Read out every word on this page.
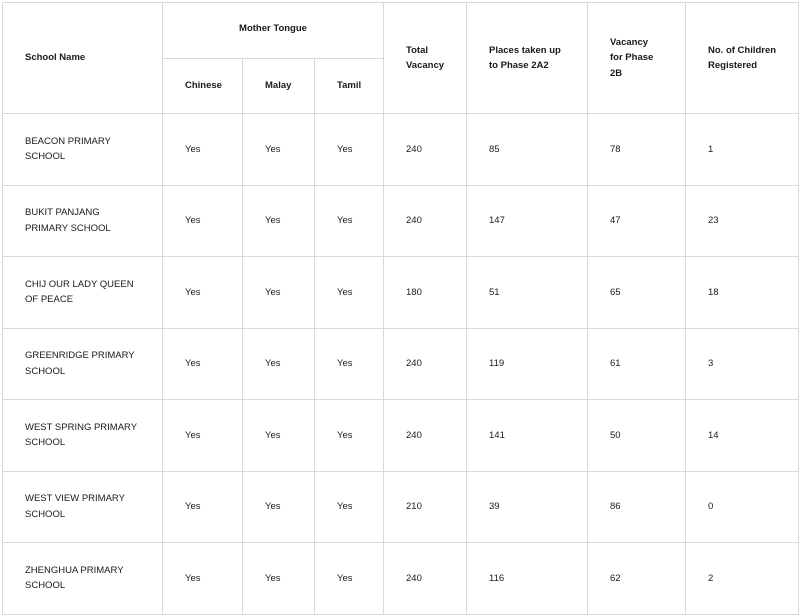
School Name	Mother Tongue			Total Vacancy	Places taken up to Phase 2A2	Vacancy for Phase 2B	No. of Children Registered
	Chinese	Malay	Tamil				
BEACON PRIMARY SCHOOL	Yes	Yes	Yes	240	85	78	1
BUKIT PANJANG PRIMARY SCHOOL	Yes	Yes	Yes	240	147	47	23
CHIJ OUR LADY QUEEN OF PEACE	Yes	Yes	Yes	180	51	65	18
GREENRIDGE PRIMARY SCHOOL	Yes	Yes	Yes	240	119	61	3
WEST SPRING PRIMARY SCHOOL	Yes	Yes	Yes	240	141	50	14
WEST VIEW PRIMARY SCHOOL	Yes	Yes	Yes	210	39	86	0
ZHENGHUA PRIMARY SCHOOL	Yes	Yes	Yes	240	116	62	2
